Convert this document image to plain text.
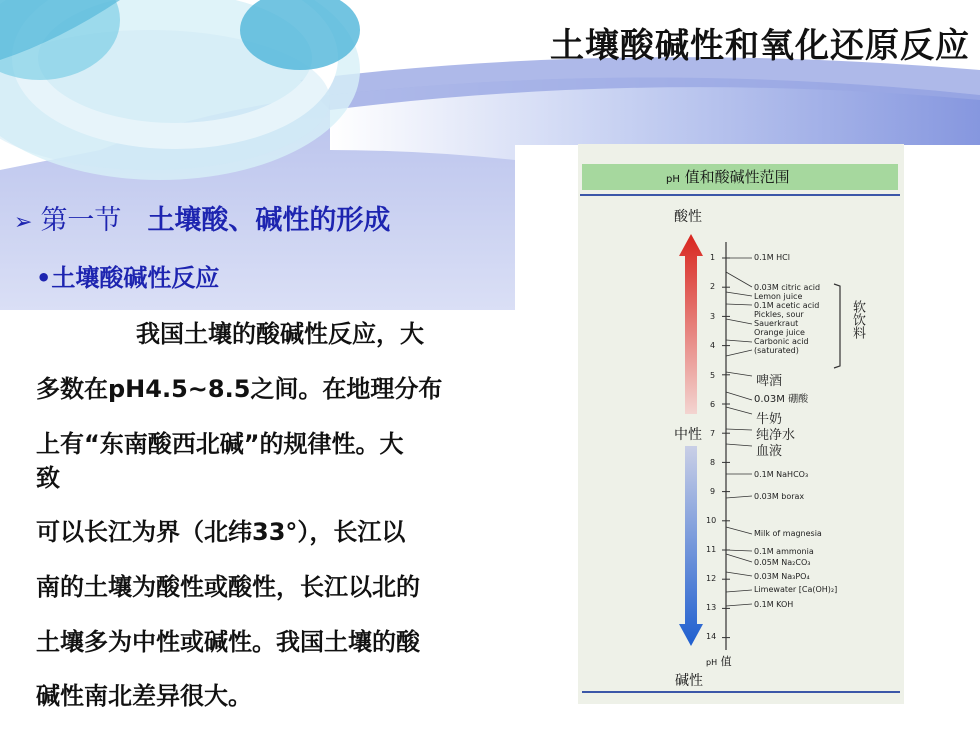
土壤酸碱性和氧化还原反应
➢ 第一节 土壤酸、碱性的形成
•土壤酸碱性反应
我国土壤的酸碱性反应，大
多数在pH4.5~8.5之间。在地理分布
上有“东南酸西北碱”的规律性。大
致
可以长江为界（北纬33°），长江以
南的土壤为酸性或酸性，长江以北的
土壤多为中性或碱性。我国土壤的酸
碱性南北差异很大。
pH 值和酸碱性范围
酸性
中性
碱性
pH 值
1
2
3
4
5
6
7
8
9
10
11
12
13
14
0.1M HCl
0.03M citric acid
Lemon juice
0.1M acetic acid
Pickles, sour
Sauerkraut
Orange juice
Carbonic acid
(saturated)
啤酒
0.03M 硼酸
牛奶
纯净水
血液
0.1M NaHCO₃
0.03M borax
Milk of magnesia
0.1M ammonia
0.05M Na₂CO₃
0.03M Na₃PO₄
Limewater [Ca(OH)₂]
0.1M KOH
软饮料
